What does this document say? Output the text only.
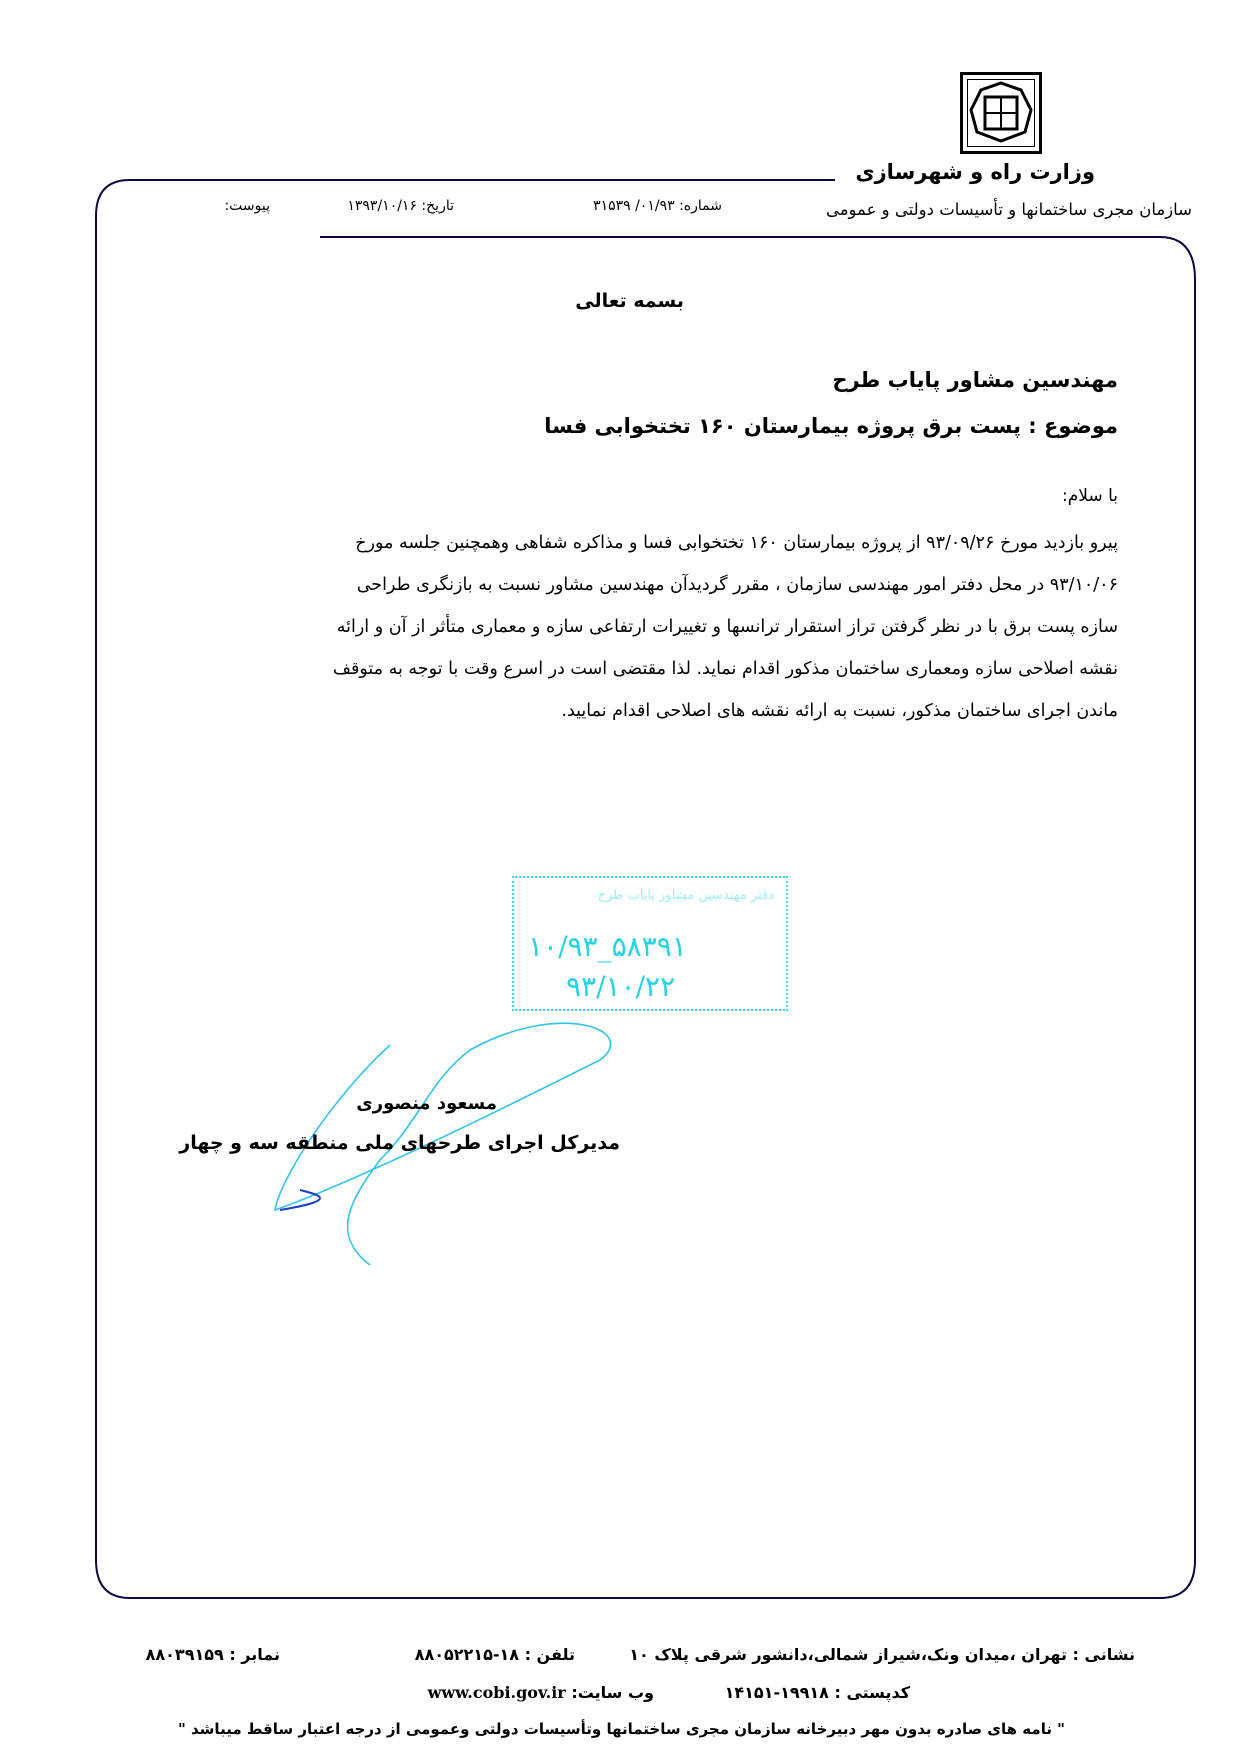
وزارت راه و شهرسازی
سازمان مجری ساختمانها و تأسیسات دولتی و عمومی
شماره: ۰۱/۹۳/ ۳۱۵۳۹
تاریخ: ۱۳۹۳/۱۰/۱۶
پیوست:
بسمه تعالی
مهندسین مشاور پایاب طرح
موضوع : پست برق پروژه بیمارستان ۱۶۰ تختخوابی فسا
با سلام:
پیرو بازدید مورخ ۹۳/۰۹/۲۶ از پروژه بیمارستان ۱۶۰ تختخوابی فسا و مذاکره شفاهی وهمچنین جلسه مورخ
۹۳/۱۰/۰۶ در محل دفتر امور مهندسی سازمان ، مقرر گردیدآن مهندسین مشاور نسبت به بازنگری طراحی
سازه پست برق با در نظر گرفتن تراز استقرار ترانسها و تغییرات ارتفاعی سازه و معماری متأثر از آن و ارائه
نقشه اصلاحی سازه ومعماری ساختمان مذکور اقدام نماید. لذا مقتضی است در اسرع وقت با توجه به متوقف
ماندن اجرای ساختمان مذکور، نسبت به ارائه نقشه های اصلاحی اقدام نمایید.
دفتر مهندسین مشاور پایاب طرح
۱۰/۹۳_۵۸۳۹۱
۹۳/۱۰/۲۲
مسعود منصوری
مدیرکل اجرای طرحهای ملی منطقه سه و چهار
نشانی : تهران ،میدان ونک،شیراز شمالی،دانشور شرقی پلاک ۱۰
تلفن : ۱۸-۸۸۰۵۲۲۱۵
نمابر : ۸۸۰۳۹۱۵۹
کدپستی : ۱۹۹۱۸-۱۴۱۵۱
وب سایت: www.cobi.gov.ir
" نامه های صادره بدون مهر دبیرخانه سازمان مجری ساختمانها وتأسیسات دولتی وعمومی از درجه اعتبار ساقط میباشد "
